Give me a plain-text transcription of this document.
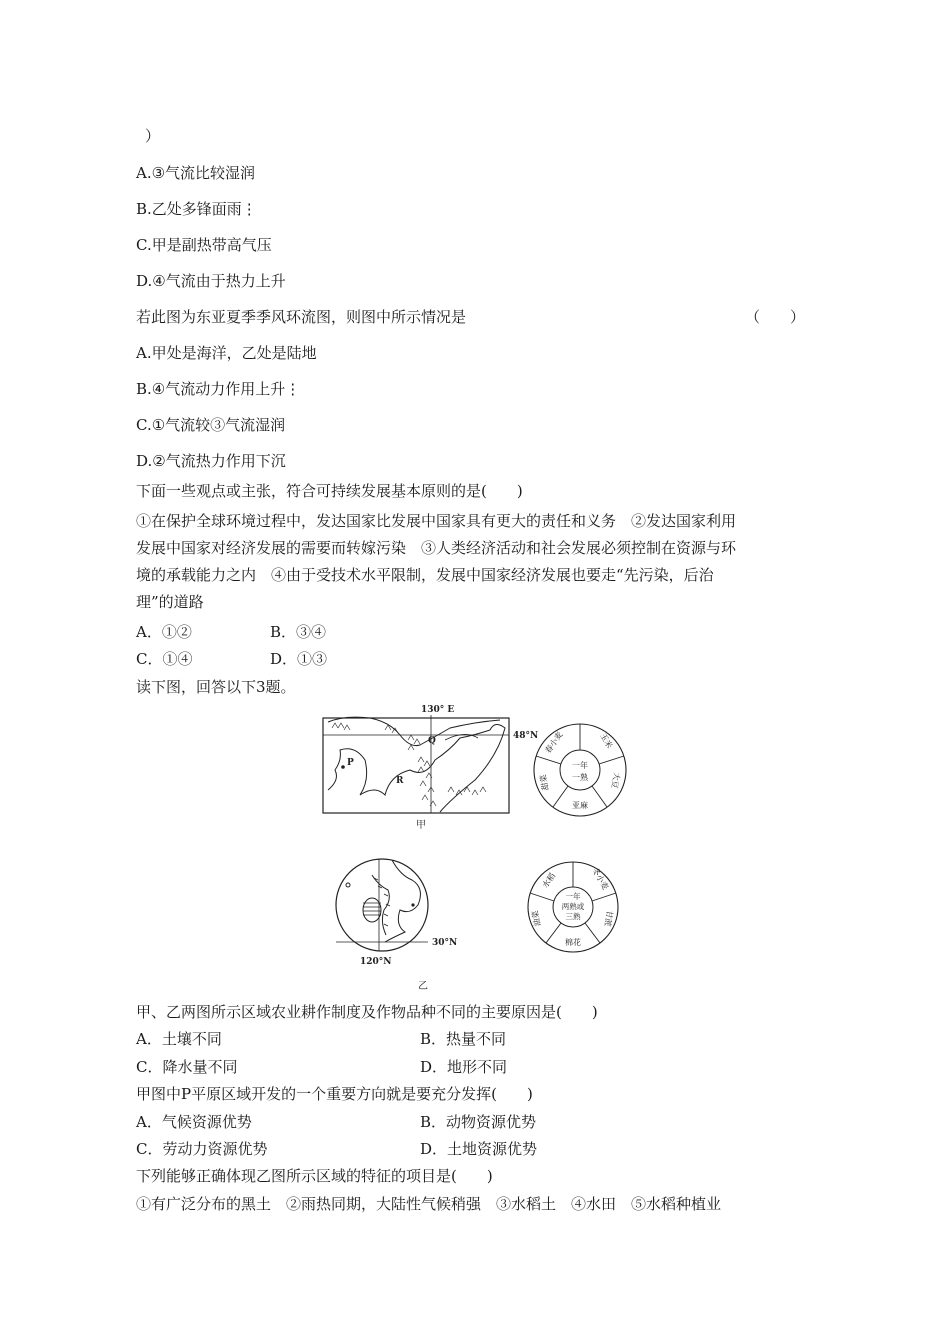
）
A.③气流比较湿润
B.乙处多锋面雨⋮
C.甲是副热带高气压
D.④气流由于热力上升
若此图为东亚夏季季风环流图，则图中所示情况是	（　　）
A.甲处是海洋，乙处是陆地
B.④气流动力作用上升⋮
C.①气流较③气流湿润
D.②气流热力作用下沉
下面一些观点或主张，符合可持续发展基本原则的是(　　)
①在保护全球环境过程中，发达国家比发展中国家具有更大的责任和义务　②发达国家利用
发展中国家对经济发展的需要而转嫁污染　③人类经济活动和社会发展必须控制在资源与环
境的承载能力之内　④由于受技术水平限制，发展中国家经济发展也要走“先污染，后治
理”的道路
A．①②	B．③④
C．①④	D．①③
读下图，回答以下3题。
P
R
Q
130° E
48°N
甲
一年
一熟
春小麦	玉米
大豆
亚麻
甜菜
30°N
120°N
乙
一年
两熟或
三熟
水稻	冬小麦
油菜
棉花
甘蔗
甲、乙两图所示区域农业耕作制度及作物品种不同的主要原因是(　　)
A．土壤不同	B．热量不同
C．降水量不同	D．地形不同
甲图中P平原区域开发的一个重要方向就是要充分发挥(　　)
A．气候资源优势	B．动物资源优势
C．劳动力资源优势	D．土地资源优势
下列能够正确体现乙图所示区域的特征的项目是(　　)
①有广泛分布的黑土　②雨热同期，大陆性气候稍强　③水稻土　④水田　⑤水稻种植业
